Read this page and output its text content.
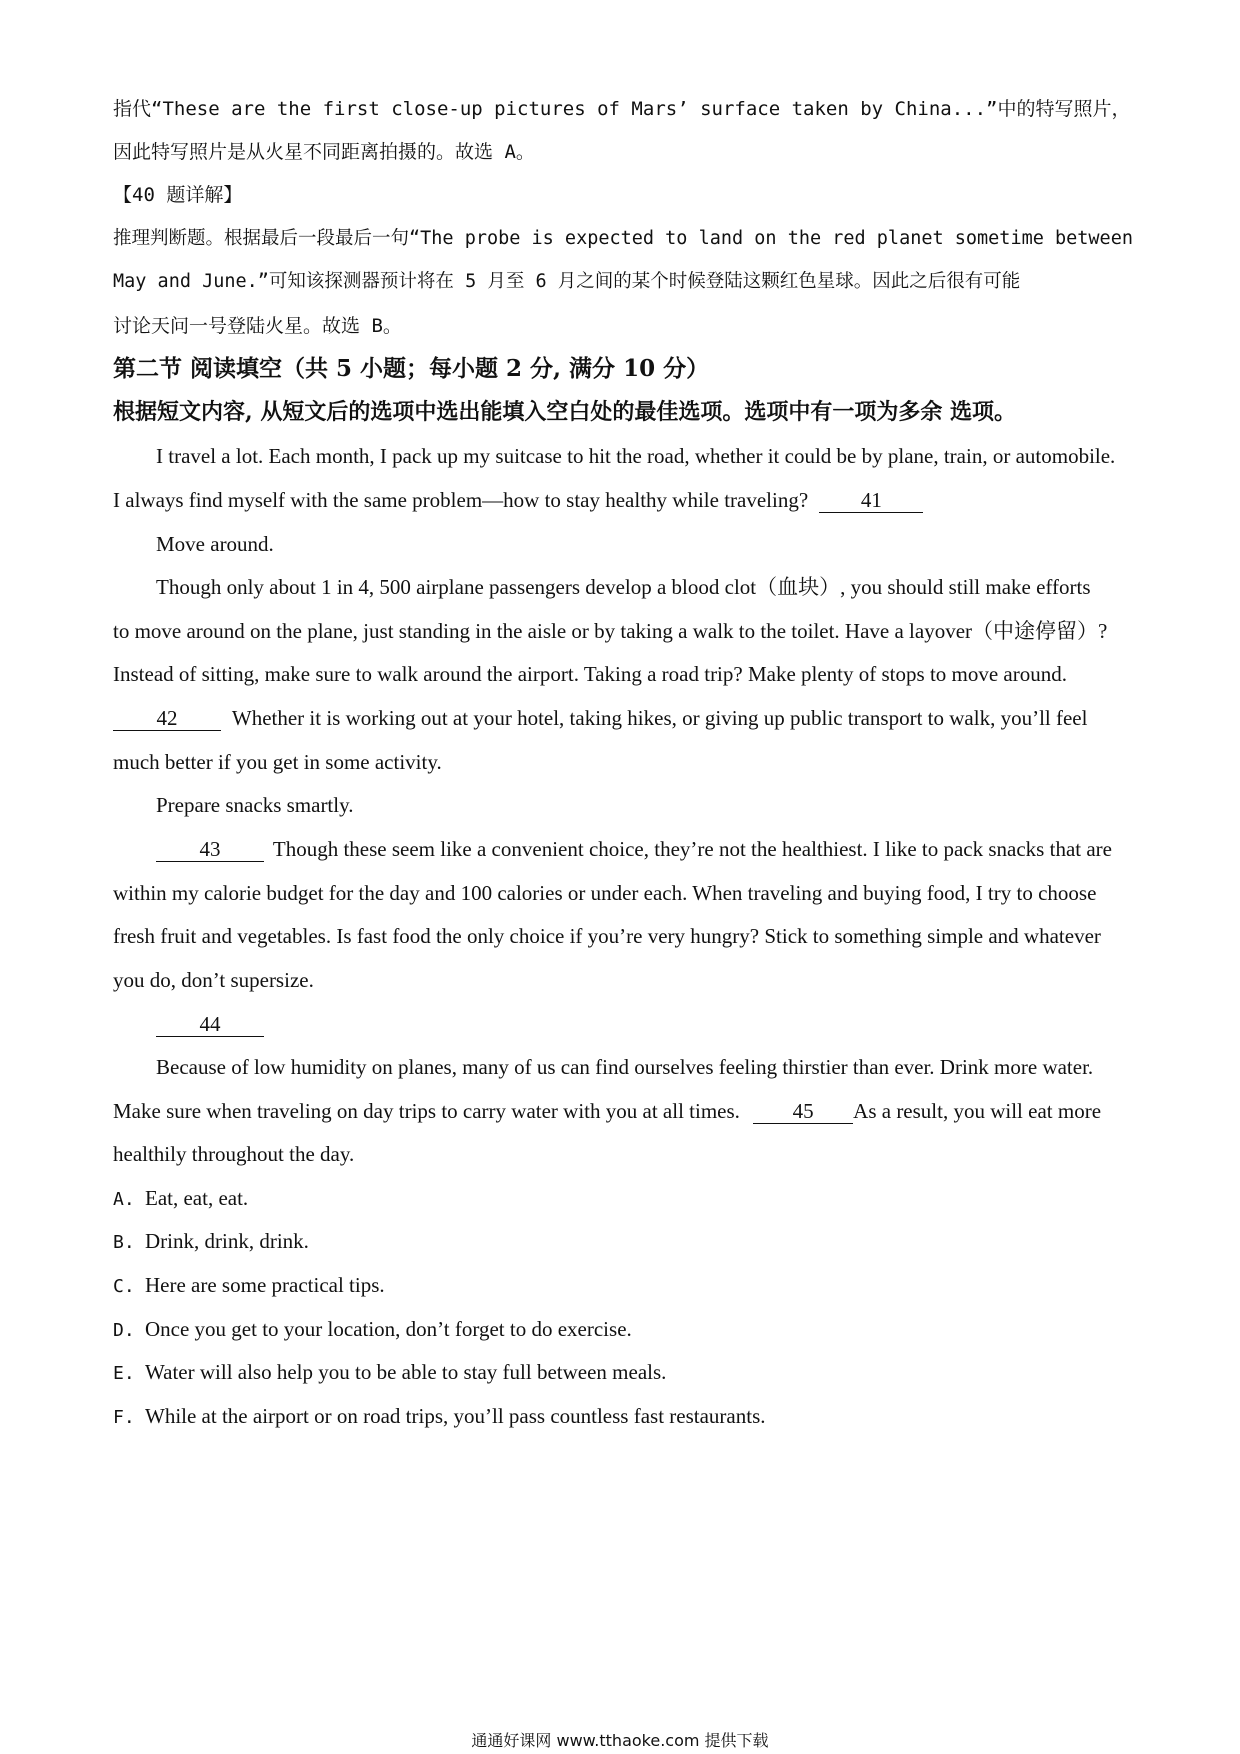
指代“These are the first close-up pictures of Mars’ surface taken by China...”中的特写照片，
因此特写照片是从火星不同距离拍摄的。故选 A。
【40 题详解】
推理判断题。根据最后一段最后一句“The probe is expected to land on the red planet sometime between
May and June.”可知该探测器预计将在 5 月至 6 月之间的某个时候登陆这颗红色星球。因此之后很有可能
讨论天问一号登陆火星。故选 B。
第二节 阅读填空（共 5 小题；每小题 2 分, 满分 10 分）
根据短文内容, 从短文后的选项中选出能填入空白处的最佳选项。选项中有一项为多余 选项。
I travel a lot. Each month, I pack up my suitcase to hit the road, whether it could be by plane, train, or automobile.
I always find myself with the same problem—how to stay healthy while traveling?	41
Move around.
Though only about 1 in 4, 500 airplane passengers develop a blood clot（血块）, you should still make efforts
to move around on the plane, just standing in the aisle or by taking a walk to the toilet. Have a layover（中途停留）?
Instead of sitting, make sure to walk around the airport. Taking a road trip? Make plenty of stops to move around.
42	Whether it is working out at your hotel, taking hikes, or giving up public transport to walk, you’ll feel
much better if you get in some activity.
Prepare snacks smartly.
43 Though these seem like a convenient choice, they’re not the healthiest. I like to pack snacks that are
within my calorie budget for the day and 100 calories or under each. When traveling and buying food, I try to choose
fresh fruit and vegetables. Is fast food the only choice if you’re very hungry? Stick to something simple and whatever
you do, don’t supersize.
44
Because of low humidity on planes, many of us can find ourselves feeling thirstier than ever. Drink more water.
Make sure when traveling on day trips to carry water with you at all times.	45 As a result, you will eat more
healthily throughout the day.
A. Eat, eat, eat.
B. Drink, drink, drink.
C. Here are some practical tips.
D. Once you get to your location, don’t forget to do exercise.
E. Water will also help you to be able to stay full between meals.
F. While at the airport or on road trips, you’ll pass countless fast restaurants.
通通好课网 www.tthaoke.com 提供下载
